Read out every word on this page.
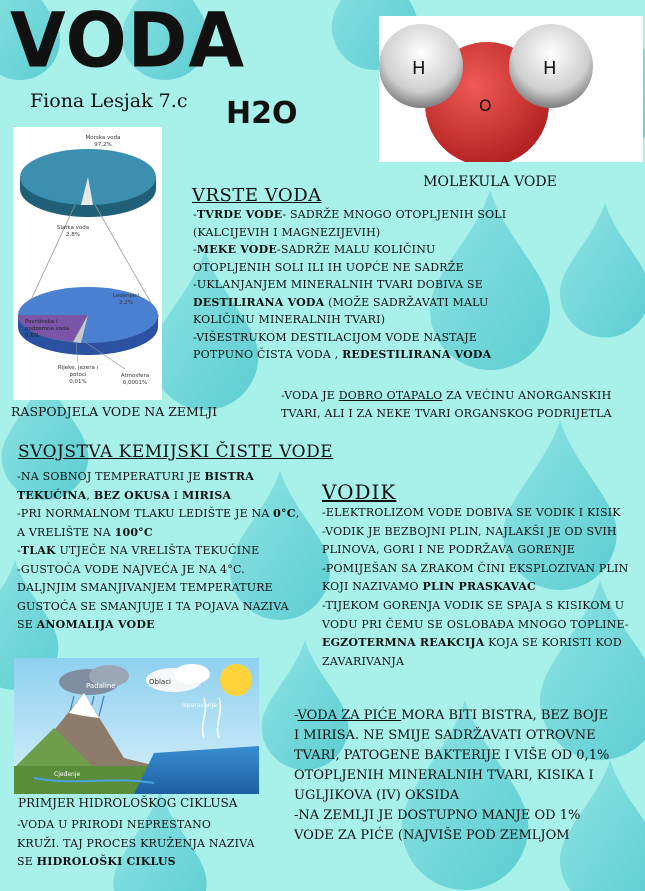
VODA
Fiona Lesjak 7.c H2O
H
O
H
MOLEKULA VODE
Morska voda
97,2%
Slatka voda
2,8%
Ledenjaci
2,2%
Površinska i podzemna voda 0,6%
Rijeke, jezera i potoci
0,01%
Atmosfera
0,0001%
RASPODJELA VODE NA ZEMLJI
VRSTE VODA
-TVRDE VODE- SADRŽE MNOGO OTOPLJENIH SOLI (KALCIJEVIH I MAGNEZIJEVIH)
-MEKE VODE-SADRŽE MALU KOLIČINU OTOPLJENIH SOLI ILI IH UOPĆE NE SADRŽE
-UKLANJANJEM MINERALNIH TVARI DOBIVA SE DESTILIRANA VODA (MOŽE SADRŽAVATI MALU KOLIČINU MINERALNIH TVARI)
-VIŠESTRUKOM DESTILACIJOM VODE NASTAJE POTPUNO ČISTA VODA , REDESTILIRANA VODA
-VODA JE DOBRO OTAPALO ZA VEĆINU ANORGANSKIH TVARI, ALI I ZA NEKE TVARI ORGANSKOG PODRIJETLA
SVOJSTVA KEMIJSKI ČISTE VODE
-NA SOBNOJ TEMPERATURI JE BISTRA TEKUĆINA, BEZ OKUSA I MIRISA
-PRI NORMALNOM TLAKU LEDIŠTE JE NA 0°C, A VRELIŠTE NA 100°C
-TLAK UTJEČE NA VRELIŠTA TEKUĆINE
-GUSTOĆA VODE NAJVEĆA JE NA 4°C. DALJNJIM SMANJIVANJEM TEMPERATURE GUSTOĆA SE SMANJUJE I TA POJAVA NAZIVA SE ANOMALIJA VODE
VODIK
-ELEKTROLIZOM VODE DOBIVA SE VODIK I KISIK
-VODIK JE BEZBOJNI PLIN, NAJLAKŠI JE OD SVIH PLINOVA, GORI I NE PODRŽAVA GORENJE
-POMIJEŠAN SA ZRAKOM ČINI EKSPLOZIVAN PLIN KOJI NAZIVAMO PLIN PRASKAVAC
-TIJEKOM GORENJA VODIK SE SPAJA S KISIKOM U VODU PRI ČEMU SE OSLOBAĐA MNOGO TOPLINE-EGZOTERMNA REAKCIJA KOJA SE KORISTI KOD ZAVARIVANJA
Padaline	Oblaci
Isparavanje
Cjeđenje
PRIMJER HIDROLOŠKOG CIKLUSA
-VODA U PRIRODI NEPRESTANO KRUŽI. TAJ PROCES KRUŽENJA NAZIVA SE HIDROLOŠKI CIKLUS
-VODA ZA PIĆE MORA BITI BISTRA, BEZ BOJE I MIRISA. NE SMIJE SADRŽAVATI OTROVNE TVARI, PATOGENE BAKTERIJE I VIŠE OD 0,1% OTOPLJENIH MINERALNIH TVARI, KISIKA I UGLJIKOVA (IV) OKSIDA
-NA ZEMLJI JE DOSTUPNO MANJE OD 1% VODE ZA PIĆE (NAJVIŠE POD ZEMLJOM
